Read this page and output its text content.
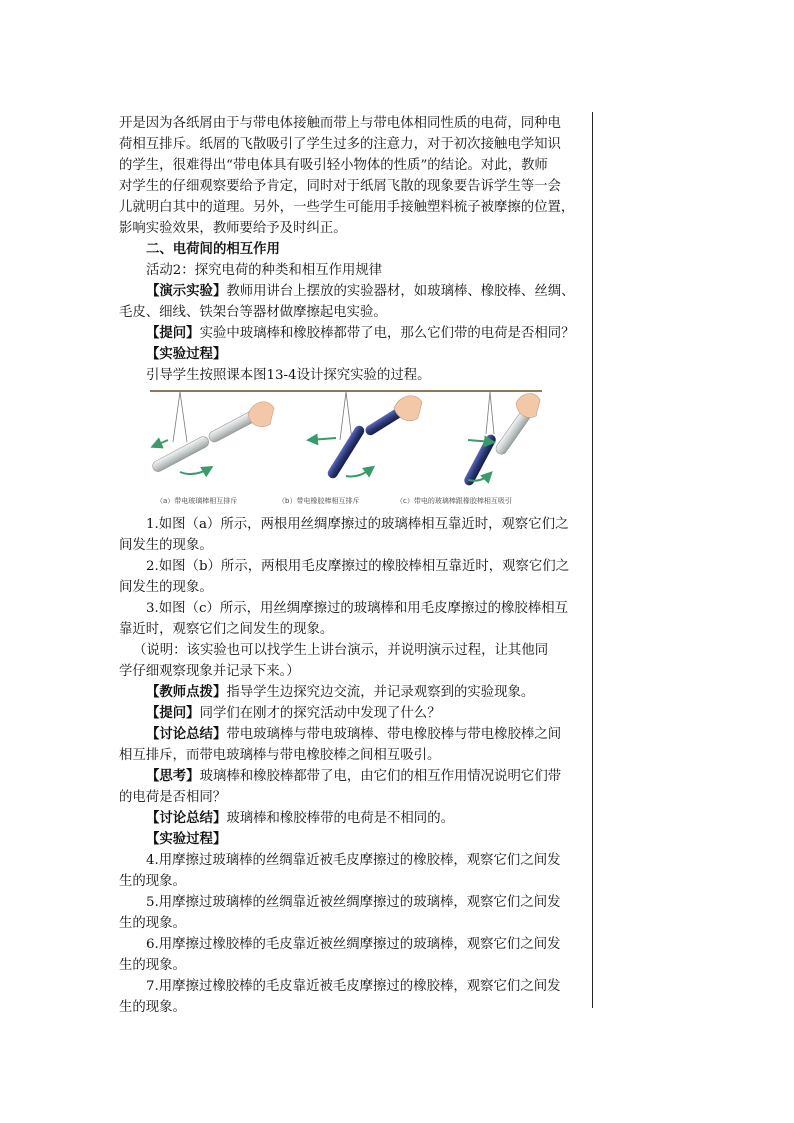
开是因为各纸屑由于与带电体接触而带上与带电体相同性质的电荷，同种电

荷相互排斥。纸屑的飞散吸引了学生过多的注意力，对于初次接触电学知识

的学生，很难得出“带电体具有吸引轻小物体的性质”的结论。对此，教师

对学生的仔细观察要给予肯定，同时对于纸屑飞散的现象要告诉学生等一会

儿就明白其中的道理。另外，一些学生可能用手接触塑料梳子被摩擦的位置，

影响实验效果，教师要给予及时纠正。

二、电荷间的相互作用

活动2：探究电荷的种类和相互作用规律

【演示实验】教师用讲台上摆放的实验器材，如玻璃棒、橡胶棒、丝绸、

毛皮、细线、铁架台等器材做摩擦起电实验。

【提问】实验中玻璃棒和橡胶棒都带了电，那么它们带的电荷是否相同？

【实验过程】

引导学生按照课本图13-4设计探究实验的过程。

（a）带电玻璃棒相互排斥	（b）带电橡胶棒相互排斥	（c）带电的玻璃棒跟橡胶棒相互吸引

1.如图（a）所示，两根用丝绸摩擦过的玻璃棒相互靠近时，观察它们之

间发生的现象。

2.如图（b）所示，两根用毛皮摩擦过的橡胶棒相互靠近时，观察它们之

间发生的现象。

3.如图（c）所示，用丝绸摩擦过的玻璃棒和用毛皮摩擦过的橡胶棒相互

靠近时，观察它们之间发生的现象。

（说明：该实验也可以找学生上讲台演示，并说明演示过程，让其他同

学仔细观察现象并记录下来。）

【教师点拨】指导学生边探究边交流，并记录观察到的实验现象。

【提问】同学们在刚才的探究活动中发现了什么？

【讨论总结】带电玻璃棒与带电玻璃棒、带电橡胶棒与带电橡胶棒之间

相互排斥，而带电玻璃棒与带电橡胶棒之间相互吸引。

【思考】玻璃棒和橡胶棒都带了电，由它们的相互作用情况说明它们带

的电荷是否相同？

【讨论总结】玻璃棒和橡胶棒带的电荷是不相同的。

【实验过程】

4.用摩擦过玻璃棒的丝绸靠近被毛皮摩擦过的橡胶棒，观察它们之间发

生的现象。

5.用摩擦过玻璃棒的丝绸靠近被丝绸摩擦过的玻璃棒，观察它们之间发

生的现象。

6.用摩擦过橡胶棒的毛皮靠近被丝绸摩擦过的玻璃棒，观察它们之间发

生的现象。

7.用摩擦过橡胶棒的毛皮靠近被毛皮摩擦过的橡胶棒，观察它们之间发

生的现象。
